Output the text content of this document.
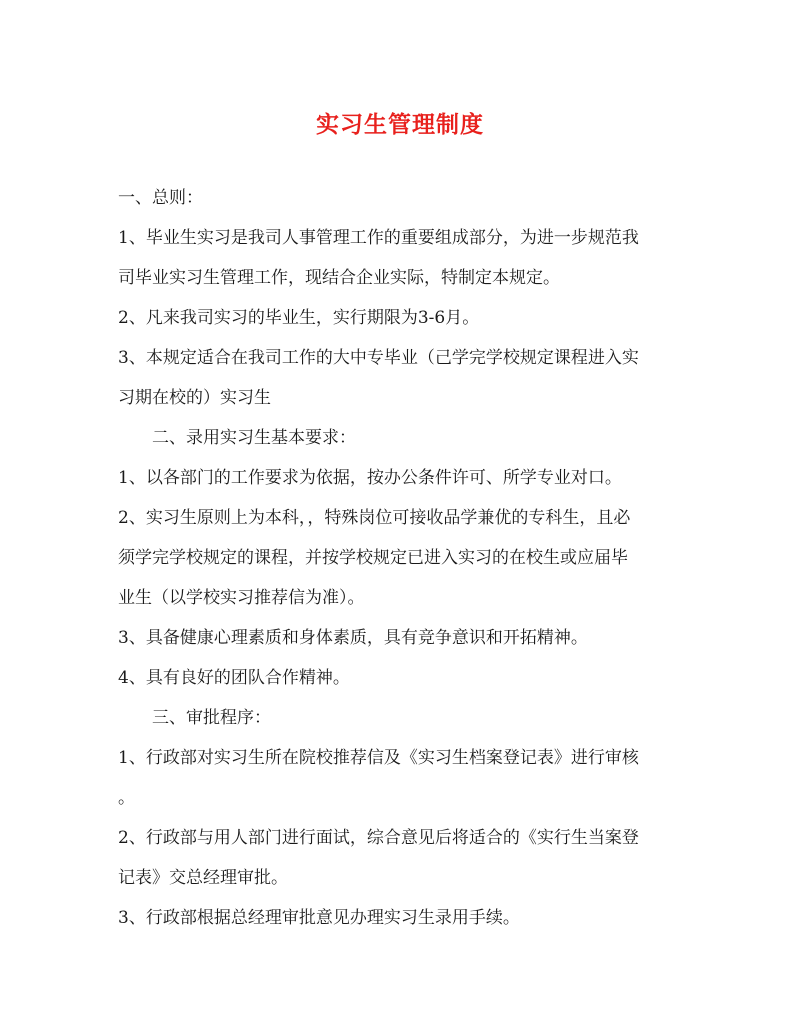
实习生管理制度

一、总则：

1、毕业生实习是我司人事管理工作的重要组成部分，为进一步规范我

司毕业实习生管理工作，现结合企业实际，特制定本规定。

2、凡来我司实习的毕业生，实行期限为3-6月。

3、本规定适合在我司工作的大中专毕业（己学完学校规定课程进入实

习期在校的）实习生

二、录用实习生基本要求：

1、以各部门的工作要求为依据，按办公条件许可、所学专业对口。

2、实习生原则上为本科，，特殊岗位可接收品学兼优的专科生，且必

须学完学校规定的课程，并按学校规定已进入实习的在校生或应届毕

业生（以学校实习推荐信为准）。

3、具备健康心理素质和身体素质，具有竞争意识和开拓精神。

4、具有良好的团队合作精神。

三、审批程序：

1、行政部对实习生所在院校推荐信及《实习生档案登记表》进行审核

。

2、行政部与用人部门进行面试，综合意见后将适合的《实行生当案登

记表》交总经理审批。

3、行政部根据总经理审批意见办理实习生录用手续。
